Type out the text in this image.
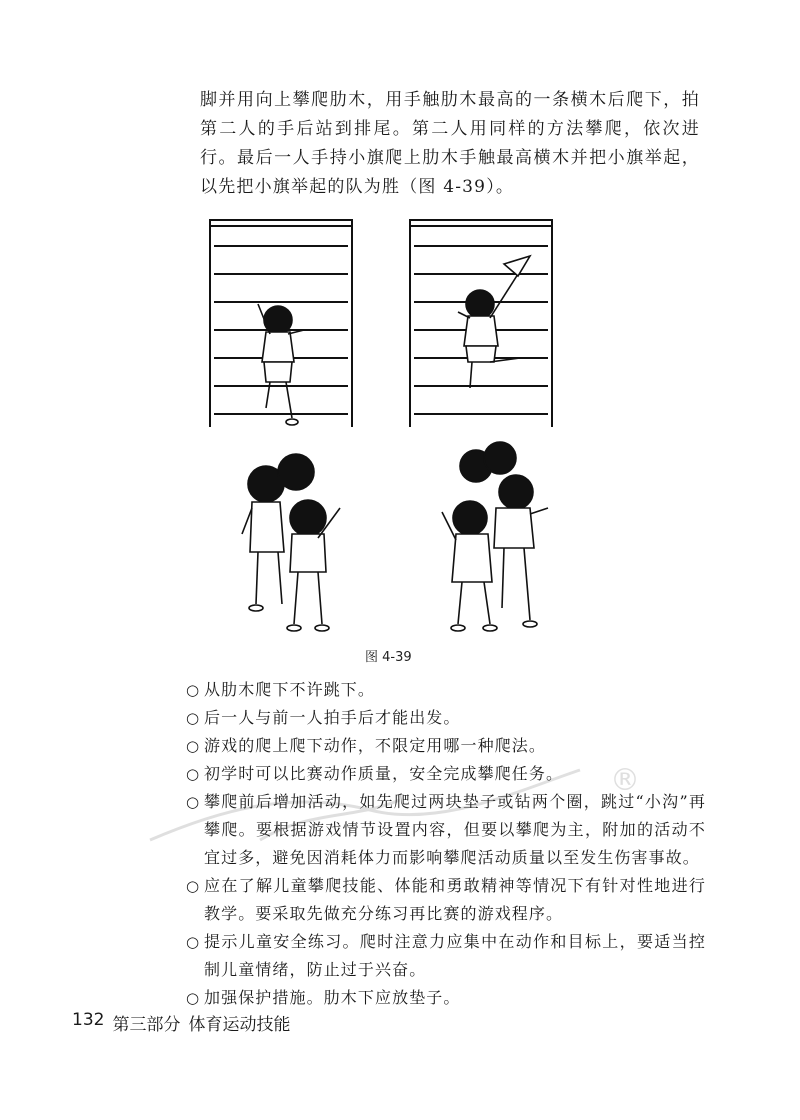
脚并用向上攀爬肋木，用手触肋木最高的一条横木后爬下，拍第二人的手后站到排尾。第二人用同样的方法攀爬，依次进行。最后一人手持小旗爬上肋木手触最高横木并把小旗举起，以先把小旗举起的队为胜（图 4-39）。

图 4-39
®
○ 从肋木爬下不许跳下。
○ 后一人与前一人拍手后才能出发。
○ 游戏的爬上爬下动作，不限定用哪一种爬法。
○ 初学时可以比赛动作质量，安全完成攀爬任务。
○ 攀爬前后增加活动，如先爬过两块垫子或钻两个圈，跳过“小沟”再攀爬。要根据游戏情节设置内容，但要以攀爬为主，附加的活动不宜过多，避免因消耗体力而影响攀爬活动质量以至发生伤害事故。
○ 应在了解儿童攀爬技能、体能和勇敢精神等情况下有针对性地进行教学。要采取先做充分练习再比赛的游戏程序。
○ 提示儿童安全练习。爬时注意力应集中在动作和目标上，要适当控制儿童情绪，防止过于兴奋。
○ 加强保护措施。肋木下应放垫子。
132 第三部分 体育运动技能
